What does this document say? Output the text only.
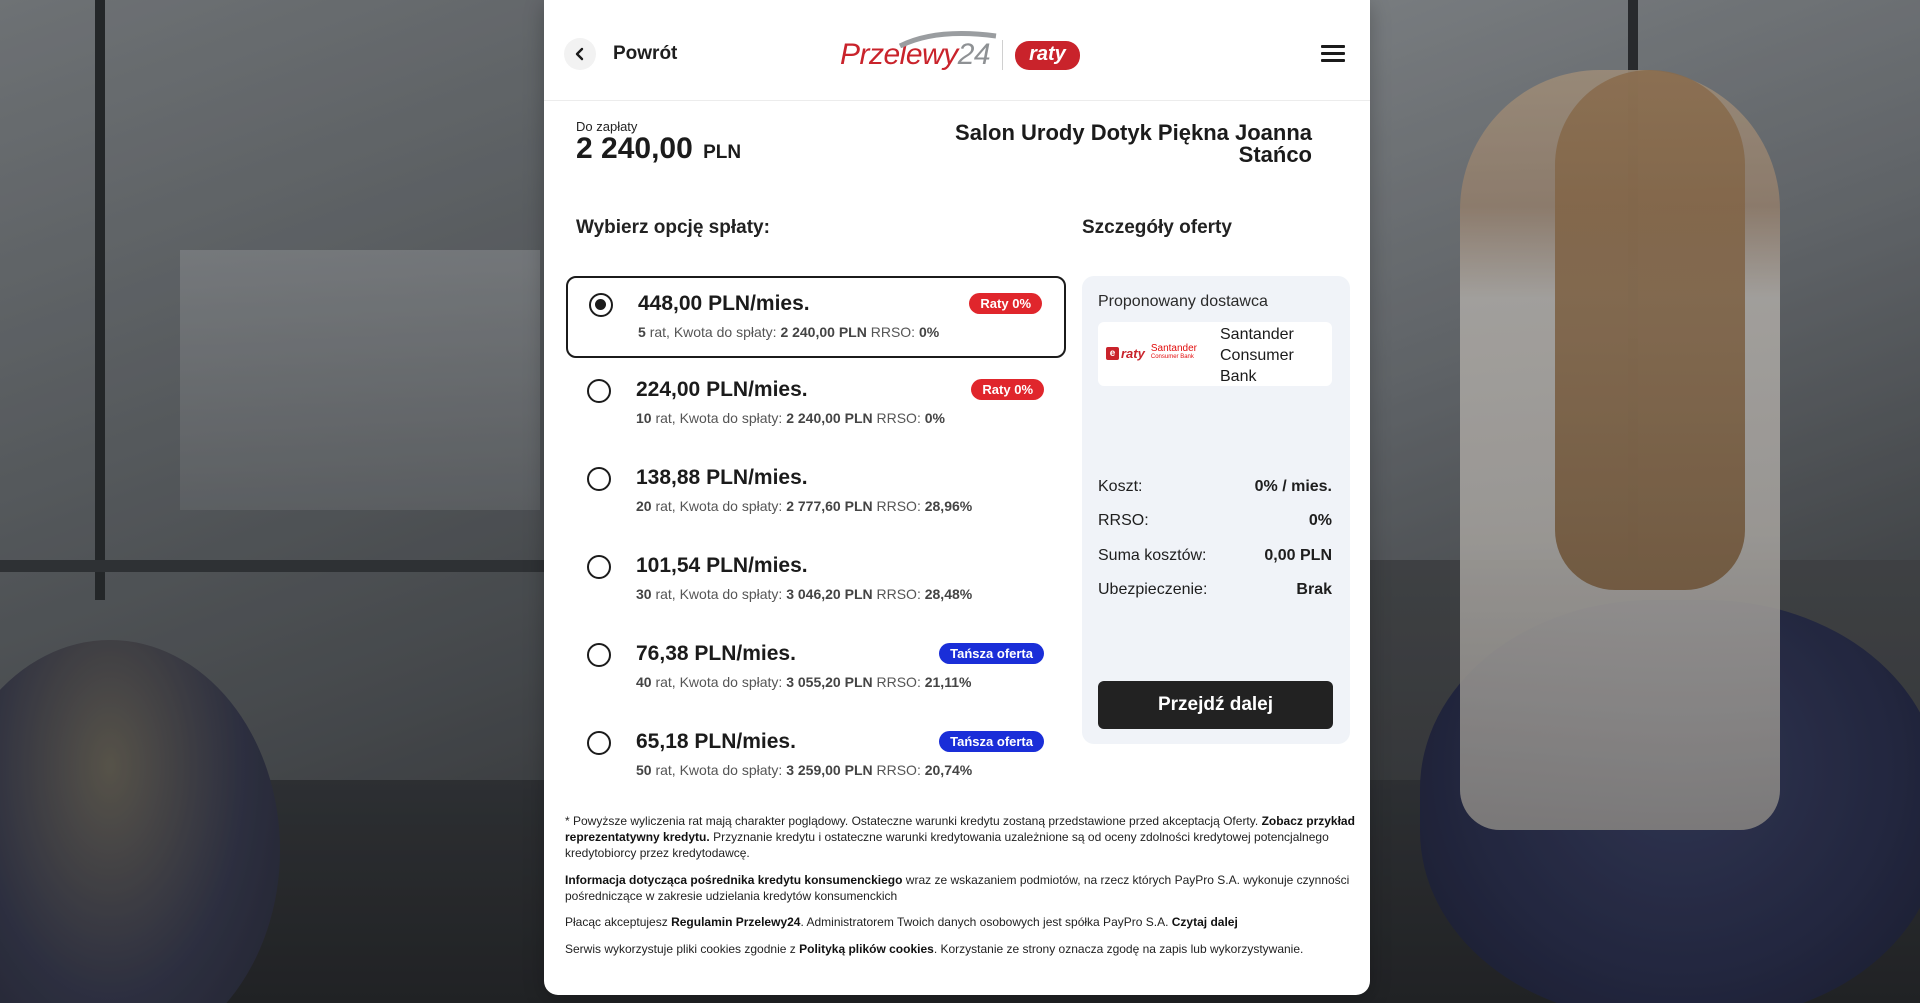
Powrót	Przelewy24	raty
Do zapłaty
2 240,00 PLN
Salon Urody Dotyk Piękna Joanna Stańco
Wybierz opcję spłaty:	Szczegóły oferty
448,00 PLN/mies.
5 rat, Kwota do spłaty: 2 240,00 PLN RRSO: 0%
Raty 0%
224,00 PLN/mies.
10 rat, Kwota do spłaty: 2 240,00 PLN RRSO: 0%
Raty 0%
138,88 PLN/mies.
20 rat, Kwota do spłaty: 2 777,60 PLN RRSO: 28,96%
101,54 PLN/mies.
30 rat, Kwota do spłaty: 3 046,20 PLN RRSO: 28,48%
76,38 PLN/mies.
40 rat, Kwota do spłaty: 3 055,20 PLN RRSO: 21,11%
Tańsza oferta
65,18 PLN/mies.
50 rat, Kwota do spłaty: 3 259,00 PLN RRSO: 20,74%
Tańsza oferta
Proponowany dostawca
e raty Santander
Consumer Bank
Santander Consumer Bank
Koszt:	0% / mies.
RRSO:	0%
Suma kosztów:	0,00 PLN
Ubezpieczenie:	Brak
Przejdź dalej
* Powyższe wyliczenia rat mają charakter poglądowy. Ostateczne warunki kredytu zostaną przedstawione przed akceptacją Oferty. Zobacz przykład reprezentatywny kredytu. Przyznanie kredytu i ostateczne warunki kredytowania uzależnione są od oceny zdolności kredytowej potencjalnego kredytobiorcy przez kredytodawcę.
Informacja dotycząca pośrednika kredytu konsumenckiego wraz ze wskazaniem podmiotów, na rzecz których PayPro S.A. wykonuje czynności pośredniczące w zakresie udzielania kredytów konsumenckich
Płacąc akceptujesz Regulamin Przelewy24. Administratorem Twoich danych osobowych jest spółka PayPro S.A. Czytaj dalej
Serwis wykorzystuje pliki cookies zgodnie z Polityką plików cookies. Korzystanie ze strony oznacza zgodę na zapis lub wykorzystywanie.
